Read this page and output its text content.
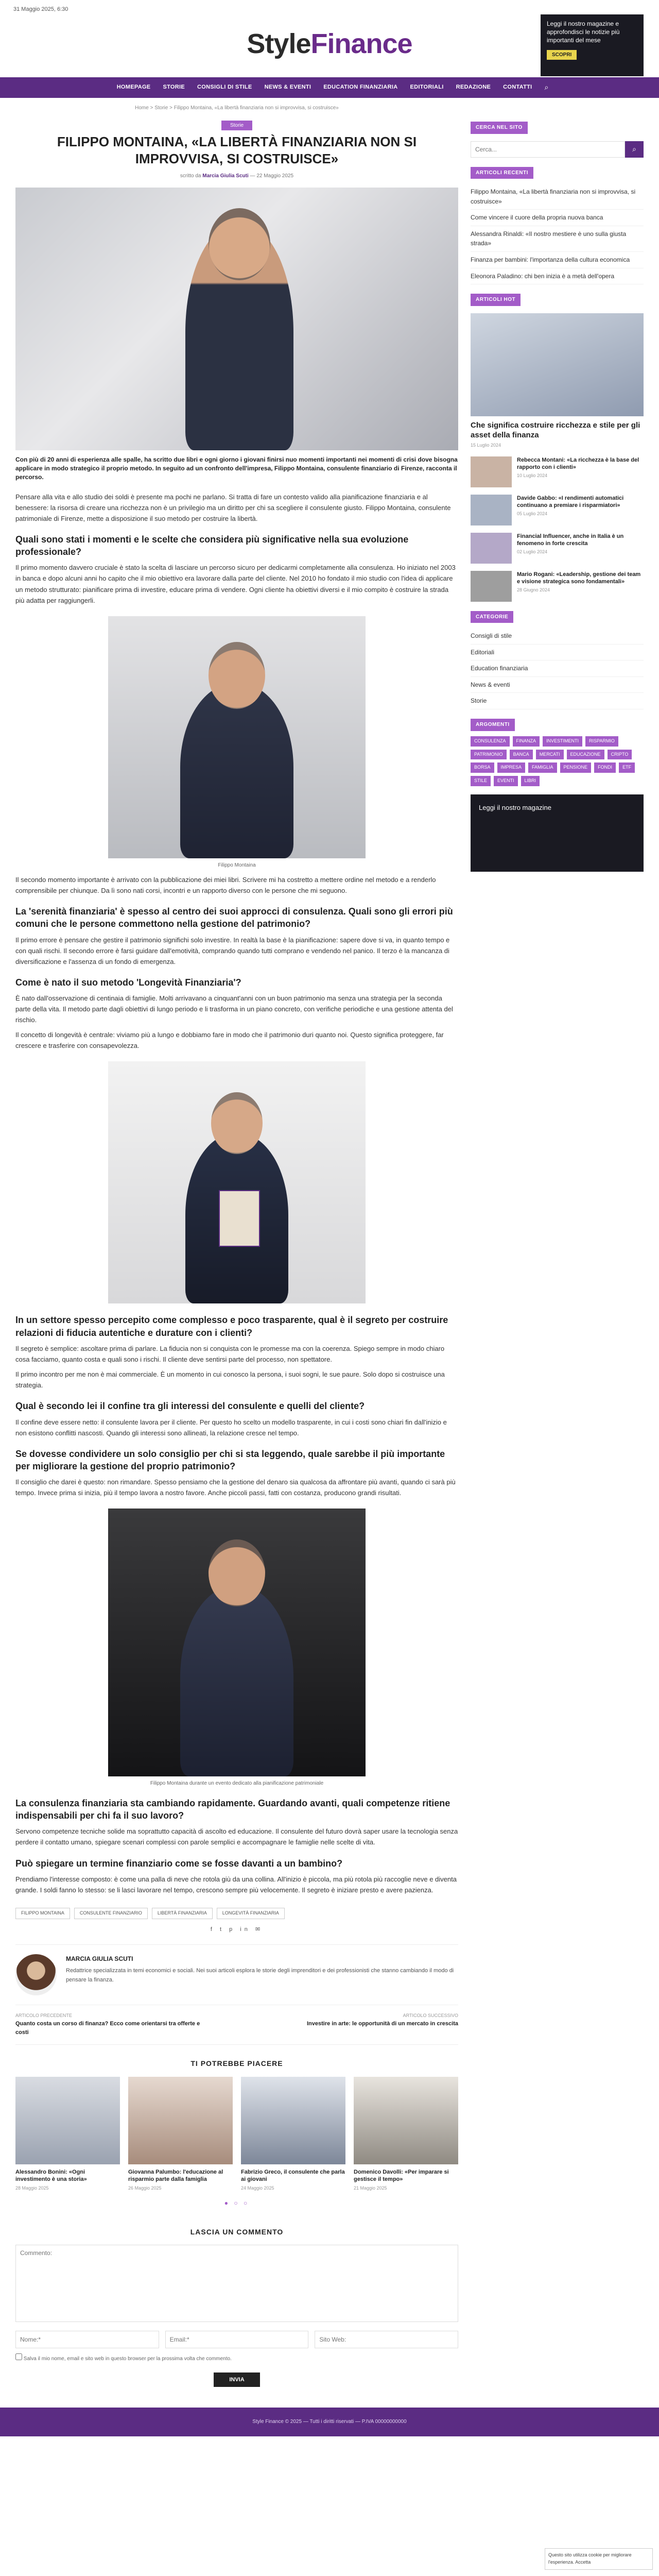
31 Maggio 2025, 6:30
StyleFinance
Leggi il nostro magazine e approfondisci le notizie più importanti del mese
SCOPRI
HOMEPAGE	STORIE	CONSIGLI DI STILE	NEWS & EVENTI	EDUCATION FINANZIARIA	EDITORIALI	REDAZIONE	CONTATTI	⌕
Home > Storie > Filippo Montaina, «La libertà finanziaria non si improvvisa, si costruisce»
Storie
FILIPPO MONTAINA, «LA LIBERTÀ FINANZIARIA NON SI IMPROVVISA, SI COSTRUISCE»
scritto da Marcia Giulia Scuti — 22 Maggio 2025
Con più di 20 anni di esperienza alle spalle, ha scritto due libri e ogni giorno i giovani finirsi nuo momenti importanti nei momenti di crisi dove bisogna applicare in modo strategico il proprio metodo. In seguito ad un confronto dell'impresa, Filippo Montaina, consulente finanziario di Firenze, racconta il percorso.

Pensare alla vita e allo studio dei soldi è presente ma pochi ne parlano. Si tratta di fare un contesto valido alla pianificazione finanziaria e al benessere: la risorsa di creare una ricchezza non è un privilegio ma un diritto per chi sa scegliere il consulente giusto. Filippo Montaina, consulente patrimoniale di Firenze, mette a disposizione il suo metodo per costruire la libertà.

Quali sono stati i momenti e le scelte che considera più significative nella sua evoluzione professionale?

Il primo momento davvero cruciale è stato la scelta di lasciare un percorso sicuro per dedicarmi completamente alla consulenza. Ho iniziato nel 2003 in banca e dopo alcuni anni ho capito che il mio obiettivo era lavorare dalla parte del cliente. Nel 2010 ho fondato il mio studio con l'idea di applicare un metodo strutturato: pianificare prima di investire, educare prima di vendere. Ogni cliente ha obiettivi diversi e il mio compito è costruire la strada più adatta per raggiungerli.

Filippo Montaina

Il secondo momento importante è arrivato con la pubblicazione dei miei libri. Scrivere mi ha costretto a mettere ordine nel metodo e a renderlo comprensibile per chiunque. Da lì sono nati corsi, incontri e un rapporto diverso con le persone che mi seguono.

La 'serenità finanziaria' è spesso al centro dei suoi approcci di consulenza. Quali sono gli errori più comuni che le persone commettono nella gestione del patrimonio?

Il primo errore è pensare che gestire il patrimonio significhi solo investire. In realtà la base è la pianificazione: sapere dove si va, in quanto tempo e con quali rischi. Il secondo errore è farsi guidare dall'emotività, comprando quando tutti comprano e vendendo nel panico. Il terzo è la mancanza di diversificazione e l'assenza di un fondo di emergenza.

Come è nato il suo metodo 'Longevità Finanziaria'?

È nato dall'osservazione di centinaia di famiglie. Molti arrivavano a cinquant'anni con un buon patrimonio ma senza una strategia per la seconda parte della vita. Il metodo parte dagli obiettivi di lungo periodo e li trasforma in un piano concreto, con verifiche periodiche e una gestione attenta del rischio.

Il concetto di longevità è centrale: viviamo più a lungo e dobbiamo fare in modo che il patrimonio duri quanto noi. Questo significa proteggere, far crescere e trasferire con consapevolezza.

In un settore spesso percepito come complesso e poco trasparente, qual è il segreto per costruire relazioni di fiducia autentiche e durature con i clienti?

Il segreto è semplice: ascoltare prima di parlare. La fiducia non si conquista con le promesse ma con la coerenza. Spiego sempre in modo chiaro cosa facciamo, quanto costa e quali sono i rischi. Il cliente deve sentirsi parte del processo, non spettatore.

Il primo incontro per me non è mai commerciale. È un momento in cui conosco la persona, i suoi sogni, le sue paure. Solo dopo si costruisce una strategia.

Qual è secondo lei il confine tra gli interessi del consulente e quelli del cliente?

Il confine deve essere netto: il consulente lavora per il cliente. Per questo ho scelto un modello trasparente, in cui i costi sono chiari fin dall'inizio e non esistono conflitti nascosti. Quando gli interessi sono allineati, la relazione cresce nel tempo.

Se dovesse condividere un solo consiglio per chi si sta leggendo, quale sarebbe il più importante per migliorare la gestione del proprio patrimonio?

Il consiglio che darei è questo: non rimandare. Spesso pensiamo che la gestione del denaro sia qualcosa da affrontare più avanti, quando ci sarà più tempo. Invece prima si inizia, più il tempo lavora a nostro favore. Anche piccoli passi, fatti con costanza, producono grandi risultati.

Filippo Montaina durante un evento dedicato alla pianificazione patrimoniale
La consulenza finanziaria sta cambiando rapidamente. Guardando avanti, quali competenze ritiene indispensabili per chi fa il suo lavoro?

Servono competenze tecniche solide ma soprattutto capacità di ascolto ed educazione. Il consulente del futuro dovrà saper usare la tecnologia senza perdere il contatto umano, spiegare scenari complessi con parole semplici e accompagnare le famiglie nelle scelte di vita.

Può spiegare un termine finanziario come se fosse davanti a un bambino?

Prendiamo l'interesse composto: è come una palla di neve che rotola giù da una collina. All'inizio è piccola, ma più rotola più raccoglie neve e diventa grande. I soldi fanno lo stesso: se li lasci lavorare nel tempo, crescono sempre più velocemente. Il segreto è iniziare presto e avere pazienza.

FILIPPO MONTAINA	CONSULENTE FINANZIARIO	LIBERTÀ FINANZIARIA	LONGEVITÀ FINANZIARIA
f t p in ✉
MARCIA GIULIA SCUTI
Redattrice specializzata in temi economici e sociali. Nei suoi articoli esplora le storie degli imprenditori e dei professionisti che stanno cambiando il modo di pensare la finanza.
ARTICOLO PRECEDENTE
Quanto costa un corso di finanza? Ecco come orientarsi tra offerte e costi
ARTICOLO SUCCESSIVO
Investire in arte: le opportunità di un mercato in crescita
TI POTREBBE PIACERE
Alessandro Bonini: «Ogni investimento è una storia»
28 Maggio 2025
Giovanna Palumbo: l'educazione al risparmio parte dalla famiglia
26 Maggio 2025
Fabrizio Greco, il consulente che parla ai giovani
24 Maggio 2025
Domenico Davolli: «Per imparare si gestisce il tempo»
21 Maggio 2025
● ○ ○
LASCIA UN COMMENTO
Commento:
Nome:*
Email:*
Sito Web:
Salva il mio nome, email e sito web in questo browser per la prossima volta che commento.
INVIA
CERCA NEL SITO
Cerca...
⌕
ARTICOLI RECENTI
Filippo Montaina, «La libertà finanziaria non si improvvisa, si costruisce»
Come vincere il cuore della propria nuova banca
Alessandra Rinaldi: «Il nostro mestiere è uno sulla giusta strada»
Finanza per bambini: l'importanza della cultura economica
Eleonora Paladino: chi ben inizia è a metà dell'opera
ARTICOLI HOT
Che significa costruire ricchezza e stile per gli asset della finanza
15 Luglio 2024
Rebecca Montani: «La ricchezza è la base del rapporto con i clienti»
10 Luglio 2024
Davide Gabbo: «I rendimenti automatici continuano a premiare i risparmiatori»
05 Luglio 2024
Financial Influencer, anche in Italia è un fenomeno in forte crescita
02 Luglio 2024
Mario Rogani: «Leadership, gestione dei team e visione strategica sono fondamentali»
28 Giugno 2024
CATEGORIE
Consigli di stile
Editoriali
Education finanziaria
News & eventi
Storie
ARGOMENTI
CONSULENZA	FINANZA	INVESTIMENTI	RISPARMIO
PATRIMONIO	BANCA	MERCATI	EDUCAZIONE	CRIPTO
BORSA	IMPRESA	FAMIGLIA	PENSIONE	FONDI	ETF
STILE	EVENTI	LIBRI
Leggi il nostro magazine
Style Finance © 2025 — Tutti i diritti riservati — P.IVA 00000000000
Questo sito utilizza cookie per migliorare l'esperienza. Accetta
